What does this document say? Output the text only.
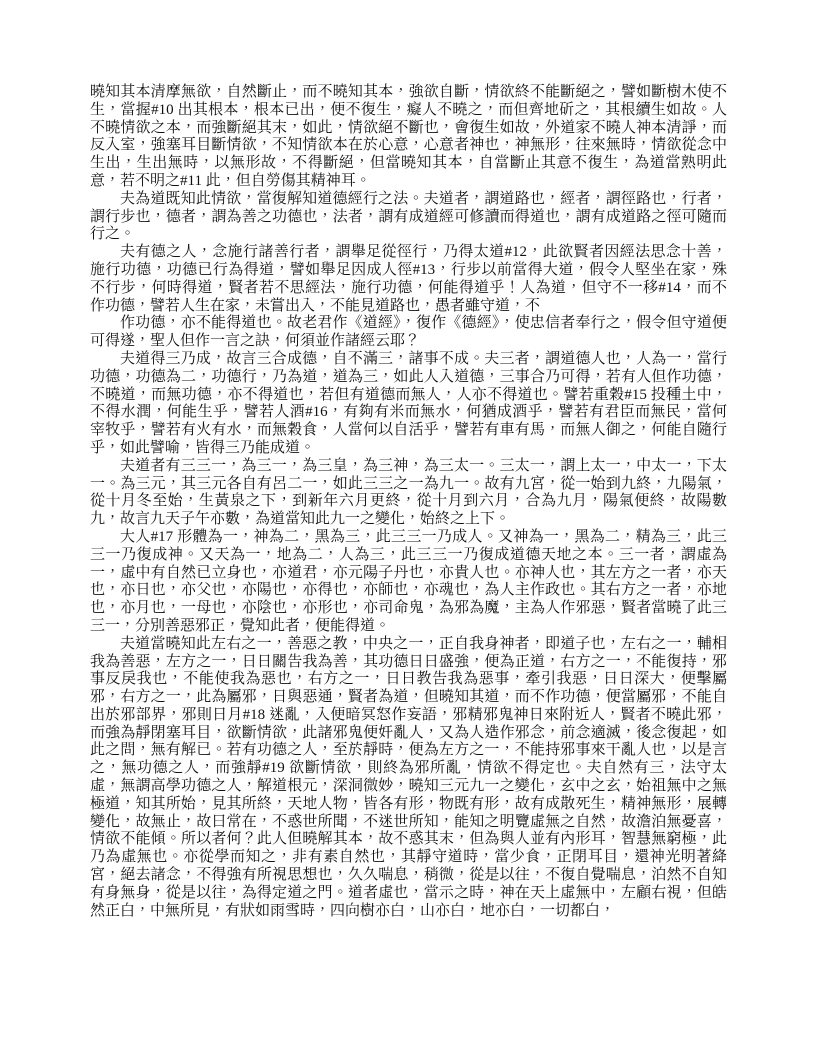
曉知其本清摩無欲，自然斷止，而不曉知其本，強欲自斷，情欲終不能斷絕之，譬如斷樹木使不生，當握#10 出其根本，根本已出，便不復生，癡人不曉之，而但齊地斫之，其根續生如故。人不曉情欲之本，而強斷絕其末，如此，情欲絕不斷也，會復生如故，外道家不曉人神本清諍，而反入室，強塞耳目斷情欲，不知情欲本在於心意，心意者神也，神無形，往來無時，情欲從念中生出，生出無時，以無形故，不得斷絕，但當曉知其本，自當斷止其意不復生，為道當熟明此意，若不明之#11 此，但自勞傷其精神耳。

夫為道既知此情欲，當復解知道德經行之法。夫道者，謂道路也，經者，謂徑路也，行者，謂行步也，德者，謂為善之功德也，法者，謂有成道經可修讀而得道也，謂有成道路之徑可隨而行之。

夫有德之人，念施行諸善行者，謂舉足從徑行，乃得太道#12，此欲賢者因經法思念十善，施行功德，功德已行為得道，譬如舉足因成人徑#13，行步以前當得大道，假令人堅坐在家，殊不行步，何時得道，賢者若不思經法，施行功德，何能得道乎！人為道，但守不一移#14，而不作功德，譬若人生在家，未嘗出入，不能見道路也，愚者雖守道，不

作功德，亦不能得道也。故老君作《道經》，復作《德經》，使忠信者奉行之，假令但守道便可得遂，聖人但作一言之訣，何須並作諸經云耶？

夫道得三乃成，故言三合成德，自不滿三，諸事不成。夫三者，謂道德人也，人為一，當行功德，功德為二，功德行，乃為道，道為三，如此人入道德，三事合乃可得，若有人但作功德，不曉道，而無功德，亦不得道也，若但有道德而無人，人亦不得道也。譬若重穀#15 投種土中，不得水潤，何能生乎，譬若人酒#16，有夠有米而無水，何猶成酒乎，譬若有君臣而無民，當何宰牧乎，譬若有火有水，而無穀食，人當何以自活乎，譬若有車有馬，而無人御之，何能自隨行乎，如此譬喻，皆得三乃能成道。

夫道者有三三一，為三一，為三皇，為三神，為三太一。三太一，謂上太一，中太一，下太一。為三元，其三元各自有呂二一，如此三三之一為九一。故有九宮，從一始到九終，九陽氣，從十月冬至始，生黃泉之下，到新年六月更終，從十月到六月，合為九月，陽氣便終，故陽數九，故言九天子午亦數，為道當知此九一之變化，始終之上下。

大人#17 形體為一，神為二，黑為三，此三三一乃成人。又神為一，黑為二，精為三，此三三一乃復成神。又天為一，地為二，人為三，此三三一乃復成道德天地之本。三一者，謂虛為一，虛中有自然已立身也，亦道君，亦元陽子丹也，亦貴人也。亦神人也，其左方之一者，亦天也，亦日也，亦父也，亦陽也，亦得也，亦師也，亦魂也，為人主作政也。其右方之一者，亦地也，亦月也，一母也，亦陰也，亦形也，亦司命鬼，為邪為魔，主為人作邪惡，賢者當曉了此三三一，分別善惡邪正，覺知此者，便能得道。

夫道當曉知此左右之一，善惡之教，中央之一，正自我身神者，即道子也，左右之一，輔相我為善惡，左方之一，日日關告我為善，其功德日日盛強，便為正道，右方之一，不能復持，邪事反戾我也，不能使我為惡也，右方之一，日日教告我為惡事，牽引我惡，日日深大，便擊屬邪，右方之一，此為屬邪，日與惡通，賢者為道，但曉知其道，而不作功德，便當屬邪，不能自出於邪部界，邪則日月#18 迷亂，入便暗冥怒作妄語，邪精邪鬼神日來附近人，賢者不曉此邪，而強為靜閉塞耳目，欲斷情欲，此諸邪鬼便奸亂人，又為人造作邪念，前念適滅，後念復起，如此之問，無有解已。若有功德之人，至於靜時，便為左方之一，不能持邪事來干亂人也，以是言之，無功德之人，而強靜#19 欲斷情欲，則終為邪所亂，情欲不得定也。夫自然有三，法守太虛，無謂高學功德之人，解道根元，深洞微妙，曉知三元九一之變化，玄中之玄，始祖無中之無極道，知其所始，見其所終，天地人物，皆各有形，物既有形，故有成散死生，精神無形，展轉變化，故無止，故曰常在，不惑世所聞，不迷世所知，能知之明覽虛無之自然，故澹泊無憂喜，情欲不能傾。所以者何？此人但曉解其本，故不惑其末，但為與人並有內形耳，智慧無窮極，此乃為虛無也。亦從學而知之，非有素自然也，其靜守道時，當少食，正閉耳目，還神光明著絳宮，絕去諸念，不得強有所視思想也，久久喘息，稍微，從是以往，不復自覺喘息，泊然不自知有身無身，從是以往，為得定道之門。道者虛也，當示之時，神在天上虛無中，左顧右視，但皓然正白，中無所見，有狀如雨雪時，四向樹亦白，山亦白，地亦白，一切都白，
